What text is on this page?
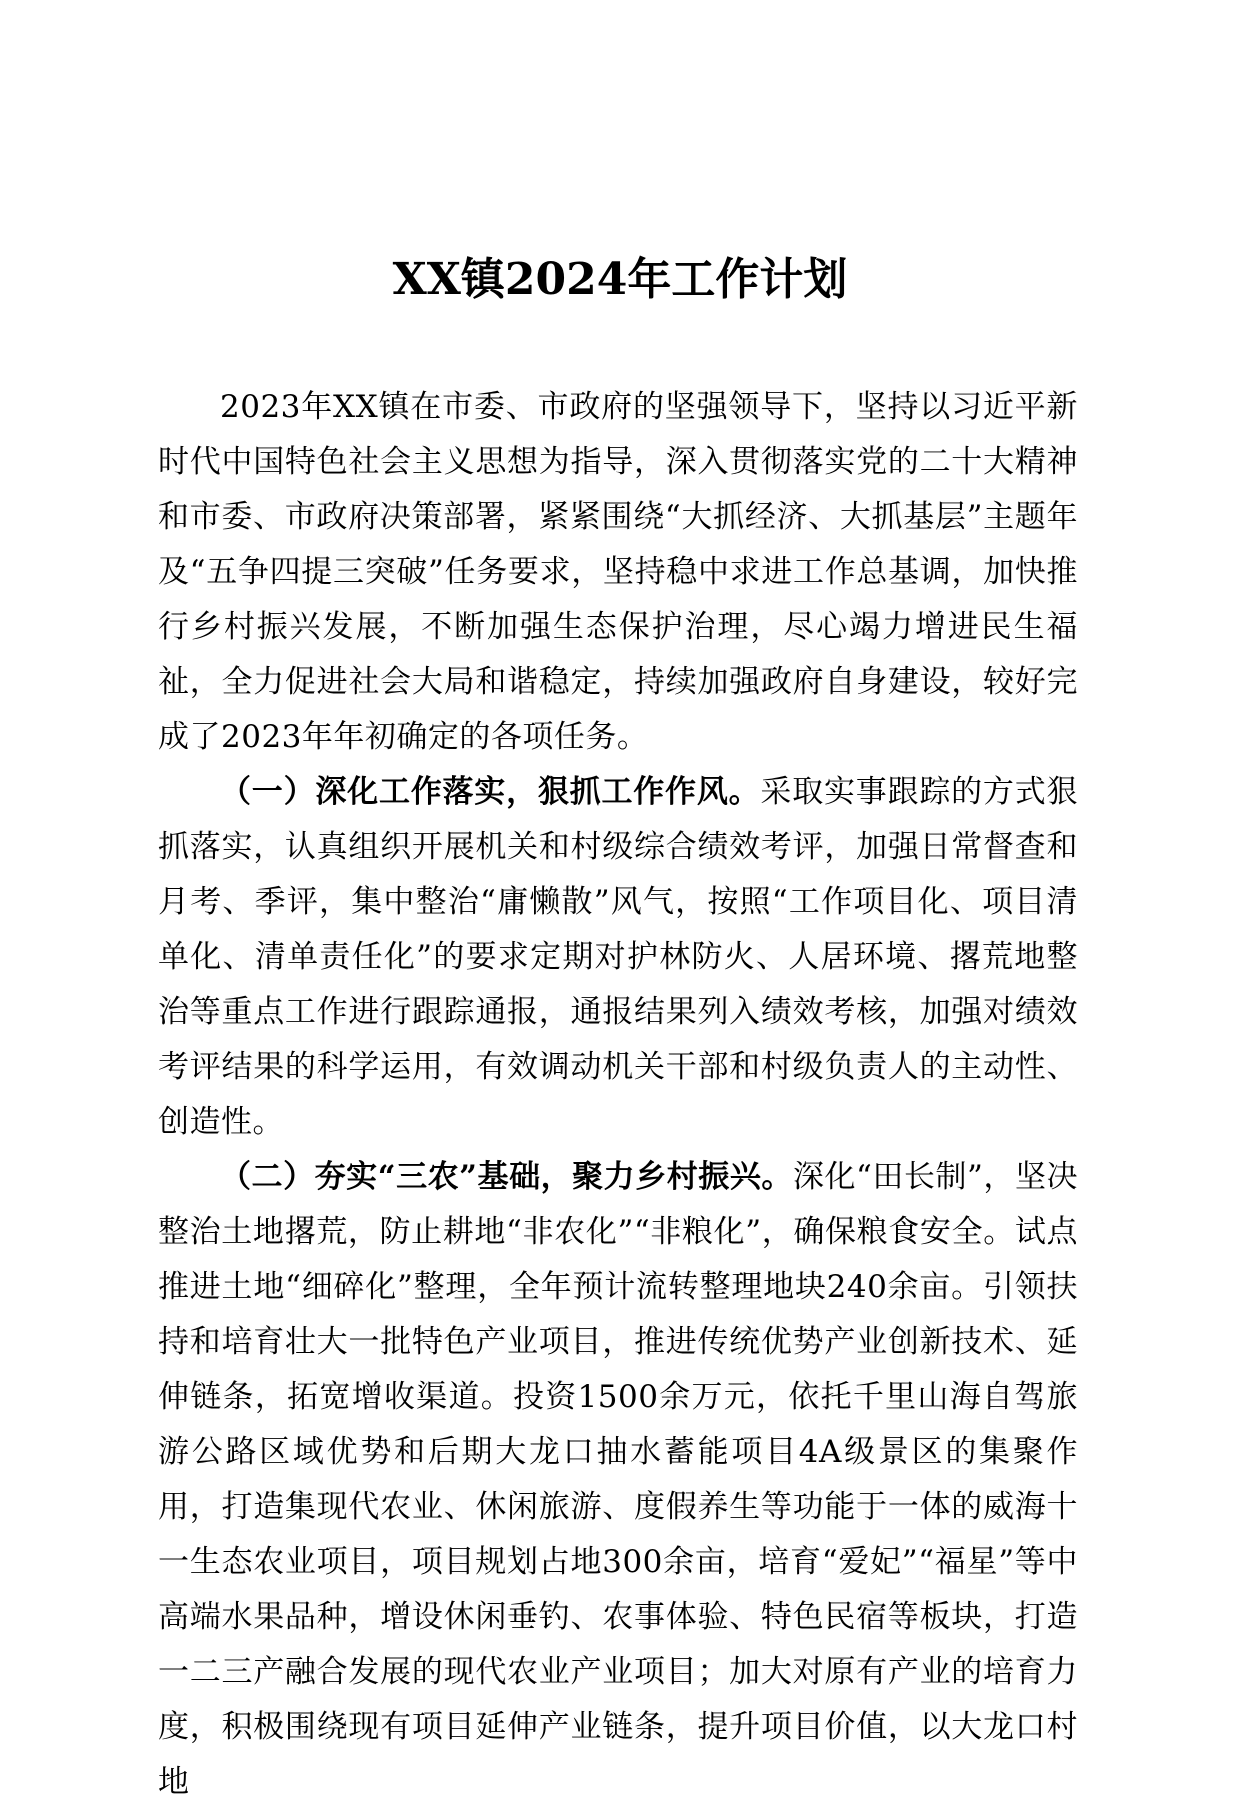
XX镇2024年工作计划

2023年XX镇在市委、市政府的坚强领导下，坚持以习近平新时代中国特色社会主义思想为指导，深入贯彻落实党的二十大精神和市委、市政府决策部署，紧紧围绕“大抓经济、大抓基层”主题年及“五争四提三突破”任务要求，坚持稳中求进工作总基调，加快推行乡村振兴发展，不断加强生态保护治理，尽心竭力增进民生福祉，全力促进社会大局和谐稳定，持续加强政府自身建设，较好完成了2023年年初确定的各项任务。

（一）深化工作落实，狠抓工作作风。采取实事跟踪的方式狠抓落实，认真组织开展机关和村级综合绩效考评，加强日常督查和月考、季评，集中整治“庸懒散”风气，按照“工作项目化、项目清单化、清单责任化”的要求定期对护林防火、人居环境、撂荒地整治等重点工作进行跟踪通报，通报结果列入绩效考核，加强对绩效考评结果的科学运用，有效调动机关干部和村级负责人的主动性、创造性。

（二）夯实“三农”基础，聚力乡村振兴。深化“田长制”，坚决整治土地撂荒，防止耕地“非农化”“非粮化”，确保粮食安全。试点推进土地“细碎化”整理，全年预计流转整理地块240余亩。引领扶持和培育壮大一批特色产业项目，推进传统优势产业创新技术、延伸链条，拓宽增收渠道。投资1500余万元，依托千里山海自驾旅游公路区域优势和后期大龙口抽水蓄能项目4A级景区的集聚作用，打造集现代农业、休闲旅游、度假养生等功能于一体的威海十一生态农业项目，项目规划占地300余亩，培育“爱妃”“福星”等中高端水果品种，增设休闲垂钓、农事体验、特色民宿等板块，打造一二三产融合发展的现代农业产业项目；加大对原有产业的培育力度，积极围绕现有项目延伸产业链条，提升项目价值，以大龙口村地
